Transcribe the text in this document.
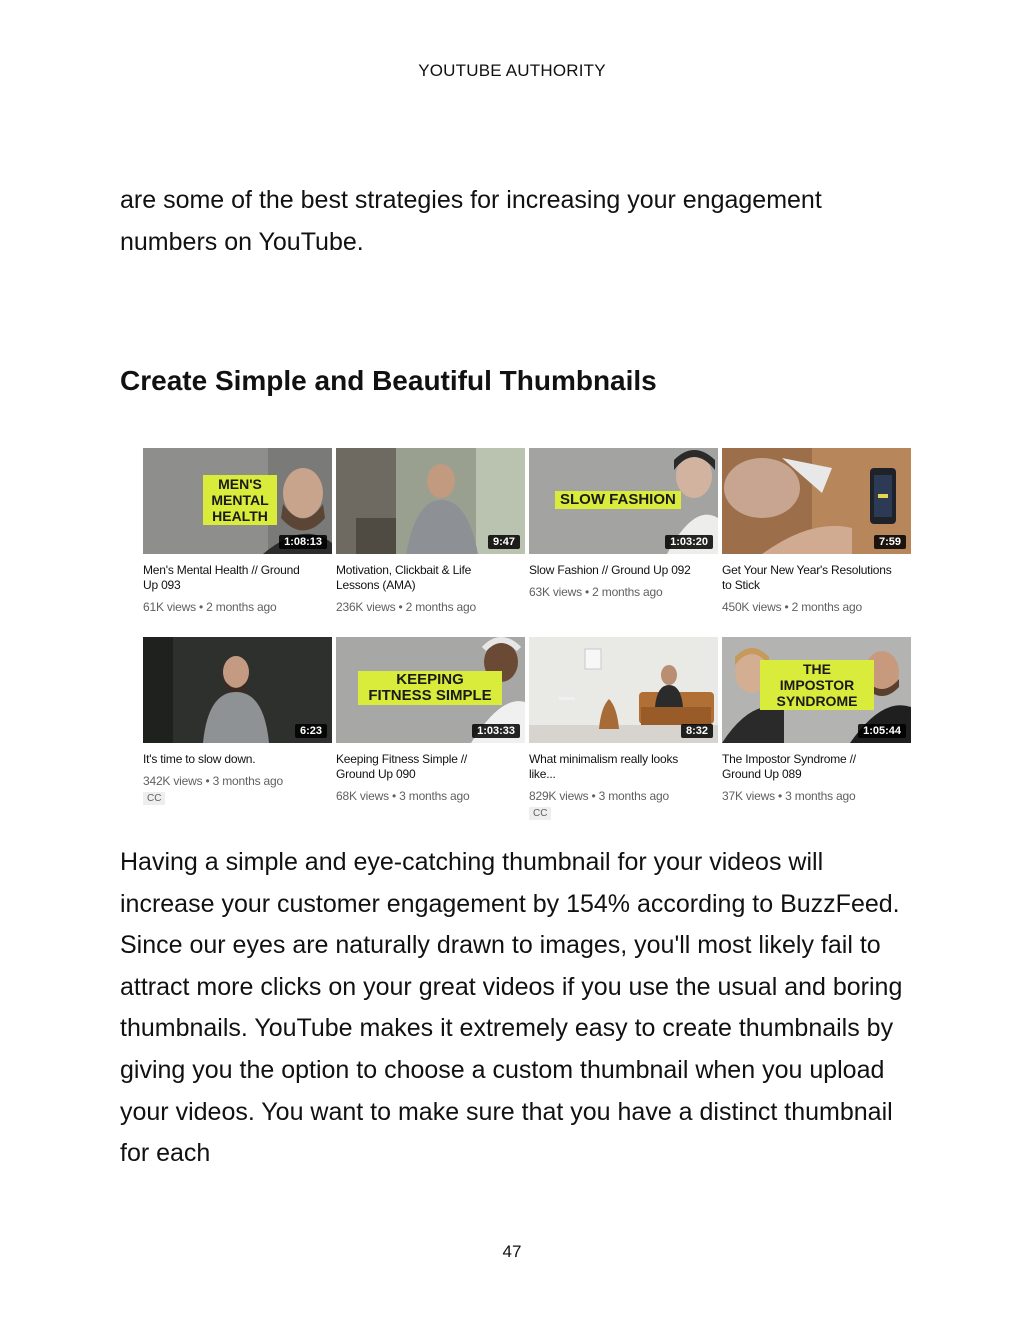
YOUTUBE AUTHORITY

are some of the best strategies for increasing your engagement numbers on YouTube.

Create Simple and Beautiful Thumbnails
MEN'S MENTAL HEALTH
1:08:13

Men's Mental Health // Ground Up 093

61K views • 2 months ago
9:47

Motivation, Clickbait & Life Lessons (AMA)

236K views • 2 months ago
SLOW FASHION
1:03:20

Slow Fashion // Ground Up 092

63K views • 2 months ago
7:59

Get Your New Year's Resolutions to Stick

450K views • 2 months ago
6:23

It's time to slow down.

342K views • 3 months ago
CC
KEEPING FITNESS SIMPLE
1:03:33

Keeping Fitness Simple // Ground Up 090

68K views • 3 months ago
8:32

What minimalism really looks like...

829K views • 3 months ago
CC
THE IMPOSTOR SYNDROME
1:05:44

The Impostor Syndrome // Ground Up 089

37K views • 3 months ago

Having a simple and eye-catching thumbnail for your videos will increase your customer engagement by 154% according to BuzzFeed. Since our eyes are naturally drawn to images, you'll most likely fail to attract more clicks on your great videos if you use the usual and boring thumbnails. YouTube makes it extremely easy to create thumbnails by giving you the option to choose a custom thumbnail when you upload your videos. You want to make sure that you have a distinct thumbnail for each

47
